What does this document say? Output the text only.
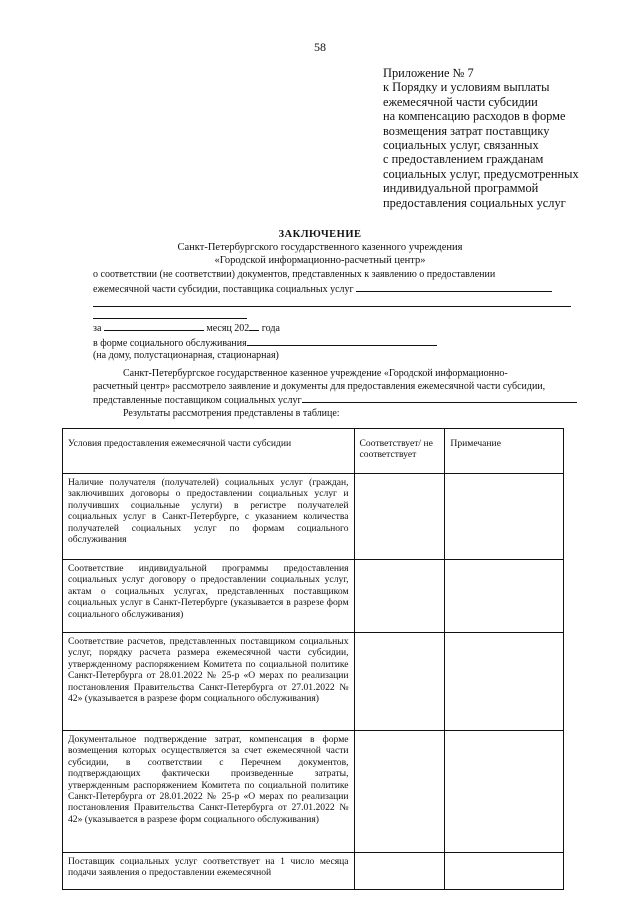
58
Приложение № 7
к Порядку и условиям выплаты
ежемесячной части субсидии
на компенсацию расходов в форме
возмещения затрат поставщику
социальных услуг, связанных
с предоставлением гражданам
социальных услуг, предусмотренных
индивидуальной программой
предоставления социальных услуг
ЗАКЛЮЧЕНИЕ
Санкт-Петербургского государственного казенного учреждения
«Городской информационно-расчетный центр»
о соответствии (не соответствии) документов, представленных к заявлению о предоставлении
ежемесячной части субсидии, поставщика социальных услуг
за	месяц 202 года
в форме социального обслуживания
(на дому, полустационарная, стационарная)
Санкт-Петербургское государственное казенное учреждение «Городской информационно-
расчетный центр» рассмотрело заявление и документы для предоставления ежемесячной части субсидии,
представленные поставщиком социальных услуг
Результаты рассмотрения представлены в таблице:
Условия предоставления ежемесячной части субсидии	Соответствует/ не соответствует	Примечание
Наличие получателя (получателей) социальных услуг (граждан, заключивших договоры о предоставлении социальных услуг и получивших социальные услуги) в регистре получателей социальных услуг в Санкт-Петербурге, с указанием количества получателей социальных услуг по формам социального обслуживания		
Соответствие индивидуальной программы предоставления социальных услуг договору о предоставлении социальных услуг, актам о социальных услугах, представленных поставщиком социальных услуг в Санкт-Петербурге (указывается в разрезе форм социального обслуживания)		
Соответствие расчетов, представленных поставщиком социальных услуг, порядку расчета размера ежемесячной части субсидии, утвержденному распоряжением Комитета по социальной политике Санкт-Петербурга от 28.01.2022 № 25-р «О мерах по реализации постановления Правительства Санкт-Петербурга от 27.01.2022 № 42» (указывается в разрезе форм социального обслуживания)		
Документальное подтверждение затрат, компенсация в форме возмещения которых осуществляется за счет ежемесячной части субсидии, в соответствии с Перечнем документов, подтверждающих фактически произведенные затраты, утвержденным распоряжением Комитета по социальной политике Санкт-Петербурга от 28.01.2022 № 25-р «О мерах по реализации постановления Правительства Санкт-Петербурга от 27.01.2022 № 42» (указывается в разрезе форм социального обслуживания)		
Поставщик социальных услуг соответствует на 1 число месяца подачи заявления о предоставлении ежемесячной		
